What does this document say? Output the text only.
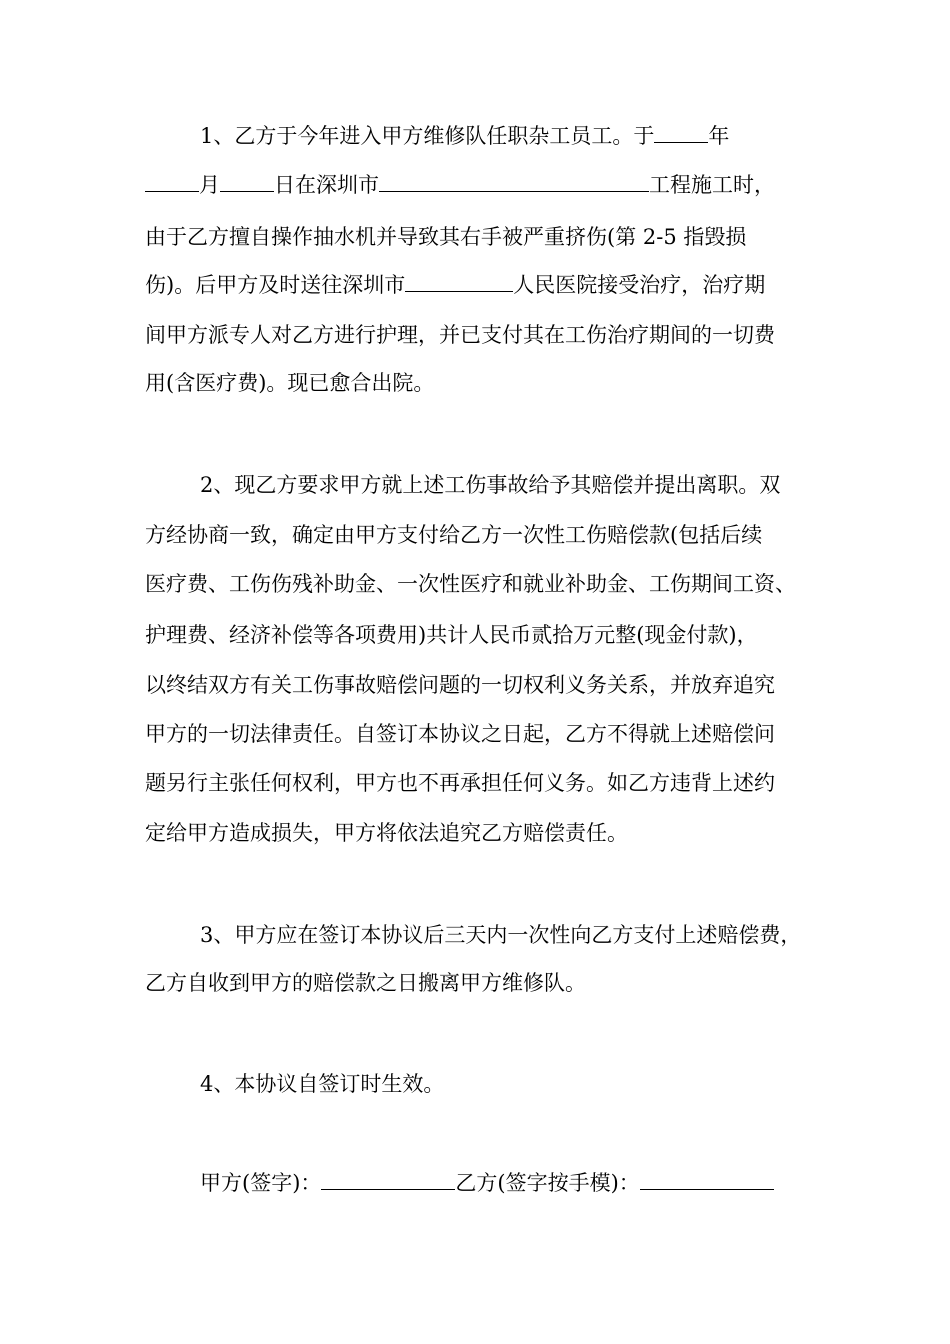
1、乙方于今年进入甲方维修队任职杂工员工。于	年
月	日在深圳市	工程施工时，
由于乙方擅自操作抽水机并导致其右手被严重挤伤(第 2-5 指毁损
伤)。后甲方及时送往深圳市	人民医院接受治疗，治疗期
间甲方派专人对乙方进行护理，并已支付其在工伤治疗期间的一切费
用(含医疗费)。现已愈合出院。
2、现乙方要求甲方就上述工伤事故给予其赔偿并提出离职。双
方经协商一致，确定由甲方支付给乙方一次性工伤赔偿款(包括后续
医疗费、工伤伤残补助金、一次性医疗和就业补助金、工伤期间工资、
护理费、经济补偿等各项费用)共计人民币贰拾万元整(现金付款)，
以终结双方有关工伤事故赔偿问题的一切权利义务关系，并放弃追究
甲方的一切法律责任。自签订本协议之日起，乙方不得就上述赔偿问
题另行主张任何权利，甲方也不再承担任何义务。如乙方违背上述约
定给甲方造成损失，甲方将依法追究乙方赔偿责任。
3、甲方应在签订本协议后三天内一次性向乙方支付上述赔偿费，
乙方自收到甲方的赔偿款之日搬离甲方维修队。
4、本协议自签订时生效。
甲方(签字)：	乙方(签字按手模)：
